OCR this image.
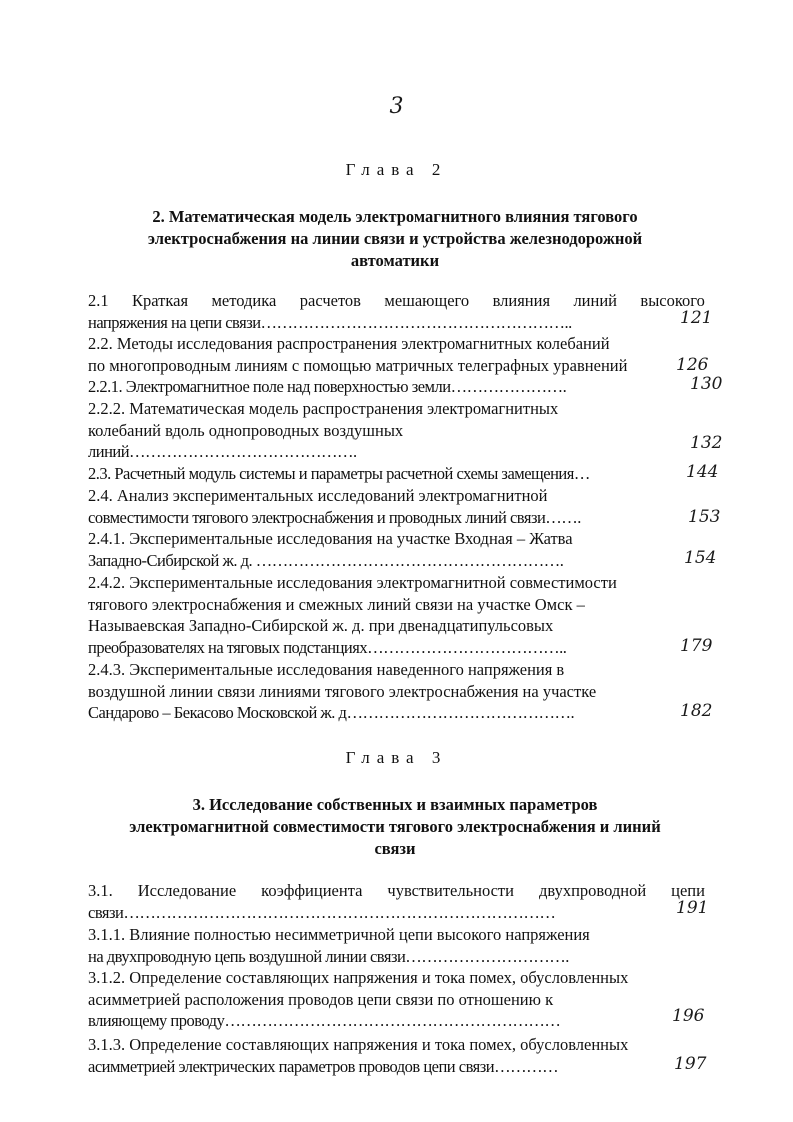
3
Глава 2
2. Математическая модель электромагнитного влияния тягового
электроснабжения на линии связи и устройства железнодорожной
автоматики
2.1 Краткая методика расчетов мешающего влияния линий высокого
напряжения на цепи связи…………………………………………………..	121
2.2. Методы исследования распространения электромагнитных колебаний
по многопроводным линиям с помощью матричных телеграфных уравнений	126
2.2.1. Электромагнитное поле над поверхностью земли………………….	130
2.2.2. Математическая модель распространения электромагнитных
колебаний вдоль однопроводных воздушных
линий…………………………………….	132
2.3. Расчетный модуль системы и параметры расчетной схемы замещения…	144
2.4. Анализ экспериментальных исследований электромагнитной
совместимости тягового электроснабжения и проводных линий связи…….	153
2.4.1. Экспериментальные исследования на участке Входная – Жатва
Западно-Сибирской ж. д. ………………………………………………….	154
2.4.2. Экспериментальные исследования электромагнитной совместимости
тягового электроснабжения и смежных линий связи на участке Омск –
Называевская Западно-Сибирской ж. д. при двенадцатипульсовых
преобразователях на тяговых подстанциях………………………………..	179
2.4.3. Экспериментальные исследования наведенного напряжения в
воздушной линии связи линиями тягового электроснабжения на участке
Сандарово – Бекасово Московской ж. д…………………………………….	182
Глава 3
3. Исследование собственных и взаимных параметров
электромагнитной совместимости тягового электроснабжения и линий
связи
3.1. Исследование коэффициента чувствительности двухпроводной цепи
связи………………………………………………………………………	191
3.1.1. Влияние полностью несимметричной цепи высокого напряжения
на двухпроводную цепь воздушной линии связи………………………….
3.1.2. Определение составляющих напряжения и тока помех, обусловленных
асимметрией расположения проводов цепи связи по отношению к
влияющему проводу………………………………………………………	196
3.1.3. Определение составляющих напряжения и тока помех, обусловленных
асимметрией электрических параметров проводов цепи связи…………	197
